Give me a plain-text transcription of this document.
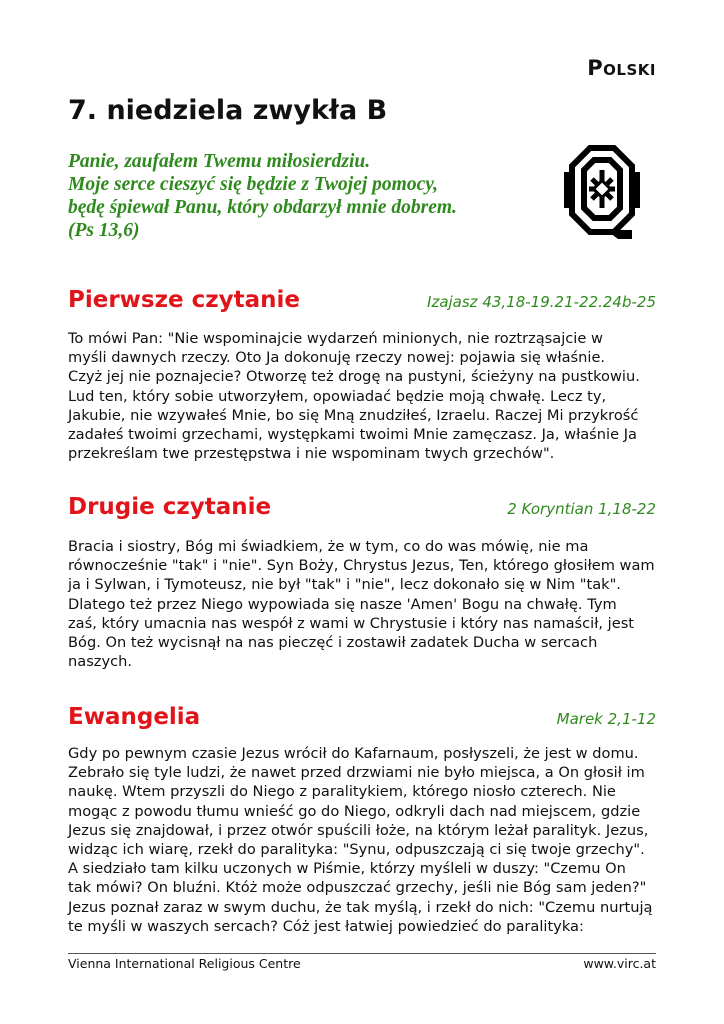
Polski
7. niedziela zwykła B
Panie, zaufałem Twemu miłosierdziu.
Moje serce cieszyć się będzie z Twojej pomocy,
będę śpiewał Panu, który obdarzył mnie dobrem.
(Ps 13,6)
Pierwsze czytanie	Izajasz 43,18-19.21-22.24b-25
To mówi Pan: "Nie wspominajcie wydarzeń minionych, nie roztrząsajcie w
myśli dawnych rzeczy. Oto Ja dokonuję rzeczy nowej: pojawia się właśnie.
Czyż jej nie poznajecie? Otworzę też drogę na pustyni, ścieżyny na pustkowiu.
Lud ten, który sobie utworzyłem, opowiadać będzie moją chwałę. Lecz ty,
Jakubie, nie wzywałeś Mnie, bo się Mną znudziłeś, Izraelu. Raczej Mi przykrość
zadałeś twoimi grzechami, występkami twoimi Mnie zamęczasz. Ja, właśnie Ja
przekreślam twe przestępstwa i nie wspominam twych grzechów".
Drugie czytanie	2 Koryntian 1,18-22
Bracia i siostry, Bóg mi świadkiem, że w tym, co do was mówię, nie ma
równocześnie "tak" i "nie". Syn Boży, Chrystus Jezus, Ten, którego głosiłem wam
ja i Sylwan, i Tymoteusz, nie był "tak" i "nie", lecz dokonało się w Nim "tak".
Dlatego też przez Niego wypowiada się nasze 'Amen' Bogu na chwałę. Tym
zaś, który umacnia nas wespół z wami w Chrystusie i który nas namaścił, jest
Bóg. On też wycisnął na nas pieczęć i zostawił zadatek Ducha w sercach
naszych.
Ewangelia	Marek 2,1-12
Gdy po pewnym czasie Jezus wrócił do Kafarnaum, posłyszeli, że jest w domu.
Zebrało się tyle ludzi, że nawet przed drzwiami nie było miejsca, a On głosił im
naukę. Wtem przyszli do Niego z paralitykiem, którego niosło czterech. Nie
mogąc z powodu tłumu wnieść go do Niego, odkryli dach nad miejscem, gdzie
Jezus się znajdował, i przez otwór spuścili łoże, na którym leżał paralityk. Jezus,
widząc ich wiarę, rzekł do paralityka: "Synu, odpuszczają ci się twoje grzechy".
A siedziało tam kilku uczonych w Piśmie, którzy myśleli w duszy: "Czemu On
tak mówi? On bluźni. Któż może odpuszczać grzechy, jeśli nie Bóg sam jeden?"
Jezus poznał zaraz w swym duchu, że tak myślą, i rzekł do nich: "Czemu nurtują
te myśli w waszych sercach? Cóż jest łatwiej powiedzieć do paralityka:
Vienna International Religious Centre	www.virc.at
